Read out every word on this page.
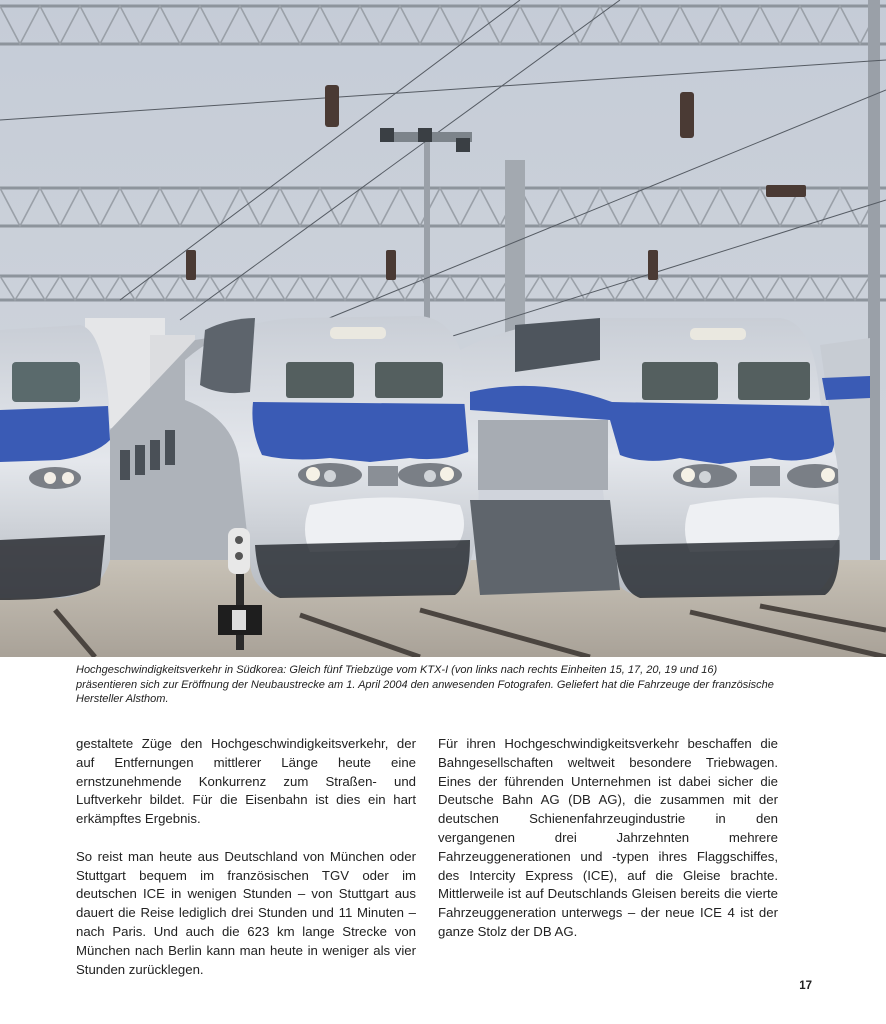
Hochgeschwindigkeitsverkehr in Südkorea: Gleich fünf Triebzüge vom KTX-I (von links nach rechts Einheiten 15, 17, 20, 19 und 16) präsentieren sich zur Eröffnung der Neubaustrecke am 1. April 2004 den anwesenden Fotografen. Geliefert hat die Fahrzeuge der französische Hersteller Alsthom.

gestaltete Züge den Hochgeschwindigkeitsverkehr, der auf Entfernungen mittlerer Länge heute eine ernstzunehmende Konkurrenz zum Straßen- und Luftverkehr bildet. Für die Eisenbahn ist dies ein hart erkämpftes Ergebnis.

So reist man heute aus Deutschland von München oder Stuttgart bequem im französischen TGV oder im deutschen ICE in wenigen Stunden – von Stuttgart aus dauert die Reise lediglich drei Stunden und 11 Minuten – nach Paris. Und auch die 623 km lange Strecke von München nach Berlin kann man heute in weniger als vier Stunden zurücklegen.

Für ihren Hochgeschwindigkeitsverkehr beschaffen die Bahngesellschaften weltweit besondere Triebwagen. Eines der führenden Unternehmen ist dabei sicher die Deutsche Bahn AG (DB AG), die zusammen mit der deutschen Schienenfahrzeugindustrie in den vergangenen drei Jahrzehnten mehrere Fahrzeuggenerationen und -typen ihres Flaggschiffes, des Intercity Express (ICE), auf die Gleise brachte. Mittlerweile ist auf Deutschlands Gleisen bereits die vierte Fahrzeuggeneration unterwegs – der neue ICE 4 ist der ganze Stolz der DB AG.

17
